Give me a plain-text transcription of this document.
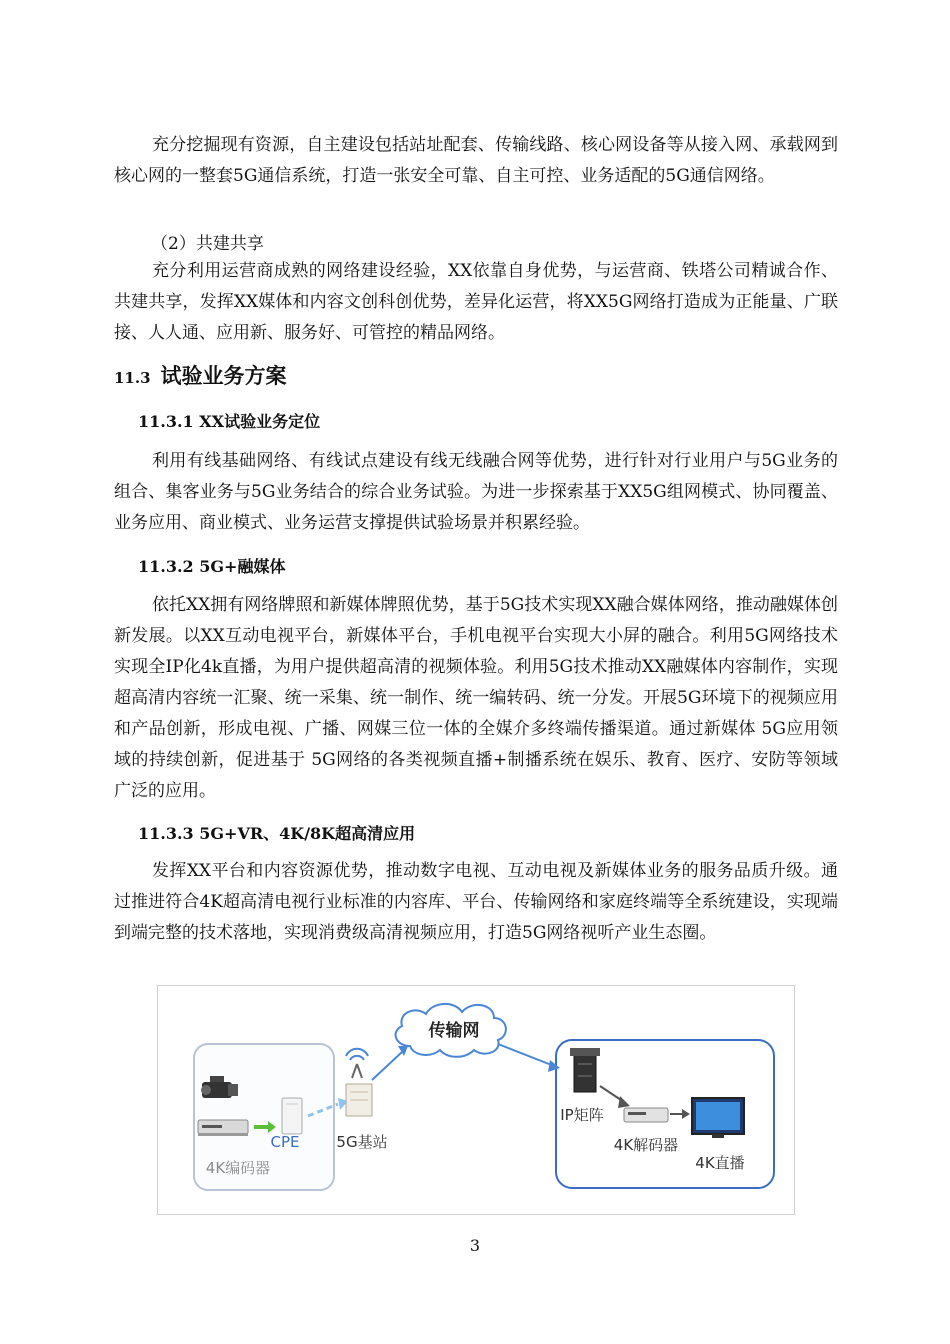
充分挖掘现有资源，自主建设包括站址配套、传输线路、核心网设备等从接入网、承载网到核心网的一整套5G通信系统，打造一张安全可靠、自主可控、业务适配的5G通信网络。

（2）共建共享

充分利用运营商成熟的网络建设经验，XX依靠自身优势，与运营商、铁塔公司精诚合作、共建共享，发挥XX媒体和内容文创科创优势，差异化运营，将XX5G网络打造成为正能量、广联接、人人通、应用新、服务好、可管控的精品网络。

11.3 试验业务方案
11.3.1 XX试验业务定位

利用有线基础网络、有线试点建设有线无线融合网等优势，进行针对行业用户与5G业务的组合、集客业务与5G业务结合的综合业务试验。为进一步探索基于XX5G组网模式、协同覆盖、业务应用、商业模式、业务运营支撑提供试验场景并积累经验。

11.3.2 5G+融媒体

依托XX拥有网络牌照和新媒体牌照优势，基于5G技术实现XX融合媒体网络，推动融媒体创新发展。以XX互动电视平台，新媒体平台，手机电视平台实现大小屏的融合。利用5G网络技术实现全IP化4k直播，为用户提供超高清的视频体验。利用5G技术推动XX融媒体内容制作，实现超高清内容统一汇聚、统一采集、统一制作、统一编转码、统一分发。开展5G环境下的视频应用和产品创新，形成电视、广播、网媒三位一体的全媒介多终端传播渠道。通过新媒体 5G应用领域的持续创新，促进基于 5G网络的各类视频直播+制播系统在娱乐、教育、医疗、安防等领域广泛的应用。

11.3.3 5G+VR、4K/8K超高清应用

发挥XX平台和内容资源优势，推动数字电视、互动电视及新媒体业务的服务品质升级。通过推进符合4K超高清电视行业标准的内容库、平台、传输网络和家庭终端等全系统建设，实现端到端完整的技术落地，实现消费级高清视频应用，打造5G网络视听产业生态圈。

传输网
CPE 5G基站
4K编码器
IP矩阵
4K解码器
4K直播
3
